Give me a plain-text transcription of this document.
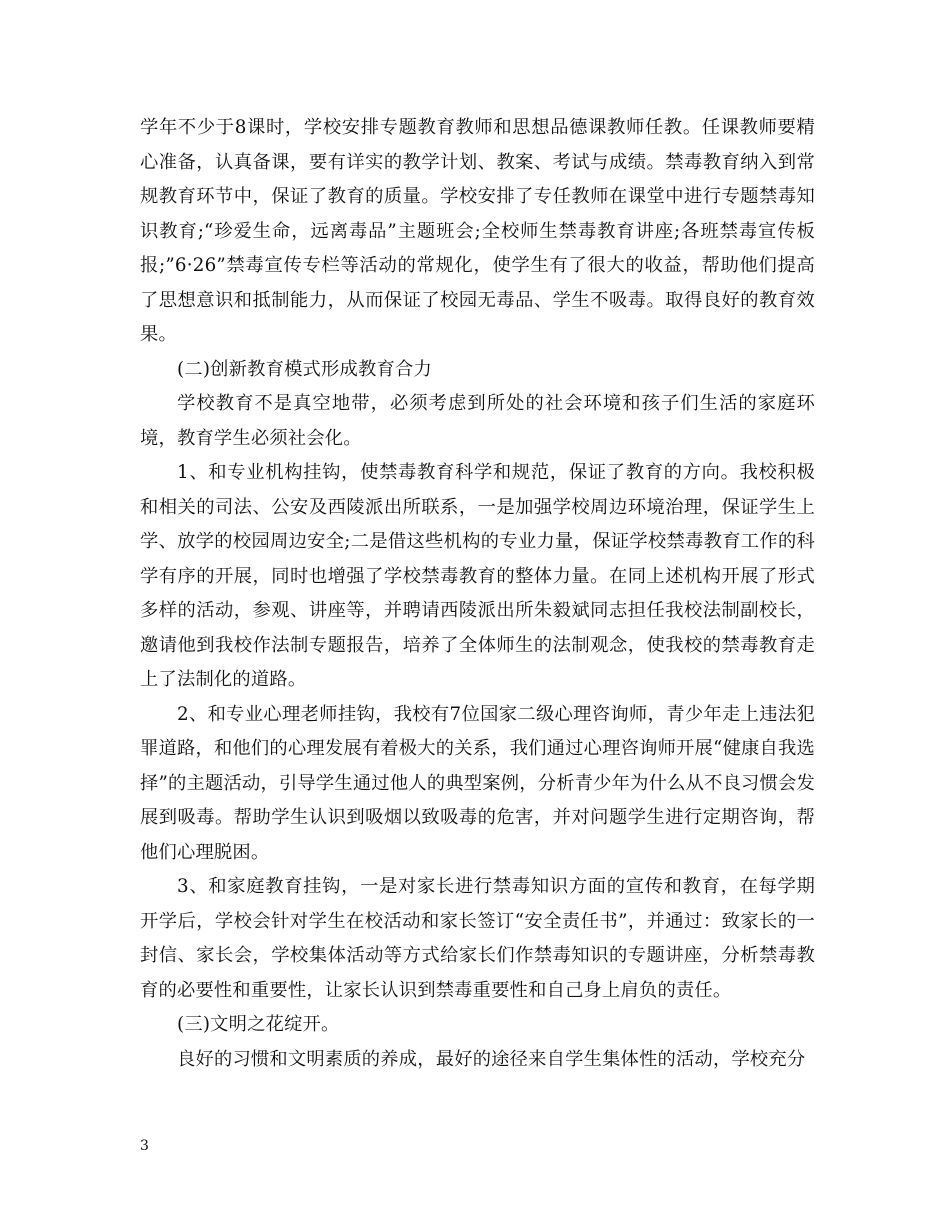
学年不少于8课时，学校安排专题教育教师和思想品德课教师任教。任课教师要精心准备，认真备课，要有详实的教学计划、教案、考试与成绩。禁毒教育纳入到常规教育环节中，保证了教育的质量。学校安排了专任教师在课堂中进行专题禁毒知识教育;“珍爱生命，远离毒品”主题班会;全校师生禁毒教育讲座;各班禁毒宣传板报;”6·26”禁毒宣传专栏等活动的常规化，使学生有了很大的收益，帮助他们提高了思想意识和抵制能力，从而保证了校园无毒品、学生不吸毒。取得良好的教育效果。

(二)创新教育模式形成教育合力

学校教育不是真空地带，必须考虑到所处的社会环境和孩子们生活的家庭环境，教育学生必须社会化。

1、和专业机构挂钩，使禁毒教育科学和规范，保证了教育的方向。我校积极和相关的司法、公安及西陵派出所联系，一是加强学校周边环境治理，保证学生上学、放学的校园周边安全;二是借这些机构的专业力量，保证学校禁毒教育工作的科学有序的开展，同时也增强了学校禁毒教育的整体力量。在同上述机构开展了形式多样的活动，参观、讲座等，并聘请西陵派出所朱毅斌同志担任我校法制副校长，邀请他到我校作法制专题报告，培养了全体师生的法制观念，使我校的禁毒教育走上了法制化的道路。

2、和专业心理老师挂钩，我校有7位国家二级心理咨询师，青少年走上违法犯罪道路，和他们的心理发展有着极大的关系，我们通过心理咨询师开展“健康自我选择”的主题活动，引导学生通过他人的典型案例，分析青少年为什么从不良习惯会发展到吸毒。帮助学生认识到吸烟以致吸毒的危害，并对问题学生进行定期咨询，帮他们心理脱困。

3、和家庭教育挂钩，一是对家长进行禁毒知识方面的宣传和教育，在每学期开学后，学校会针对学生在校活动和家长签订“安全责任书”，并通过：致家长的一封信、家长会，学校集体活动等方式给家长们作禁毒知识的专题讲座，分析禁毒教育的必要性和重要性，让家长认识到禁毒重要性和自己身上肩负的责任。

(三)文明之花绽开。

良好的习惯和文明素质的养成，最好的途径来自学生集体性的活动，学校充分

3
